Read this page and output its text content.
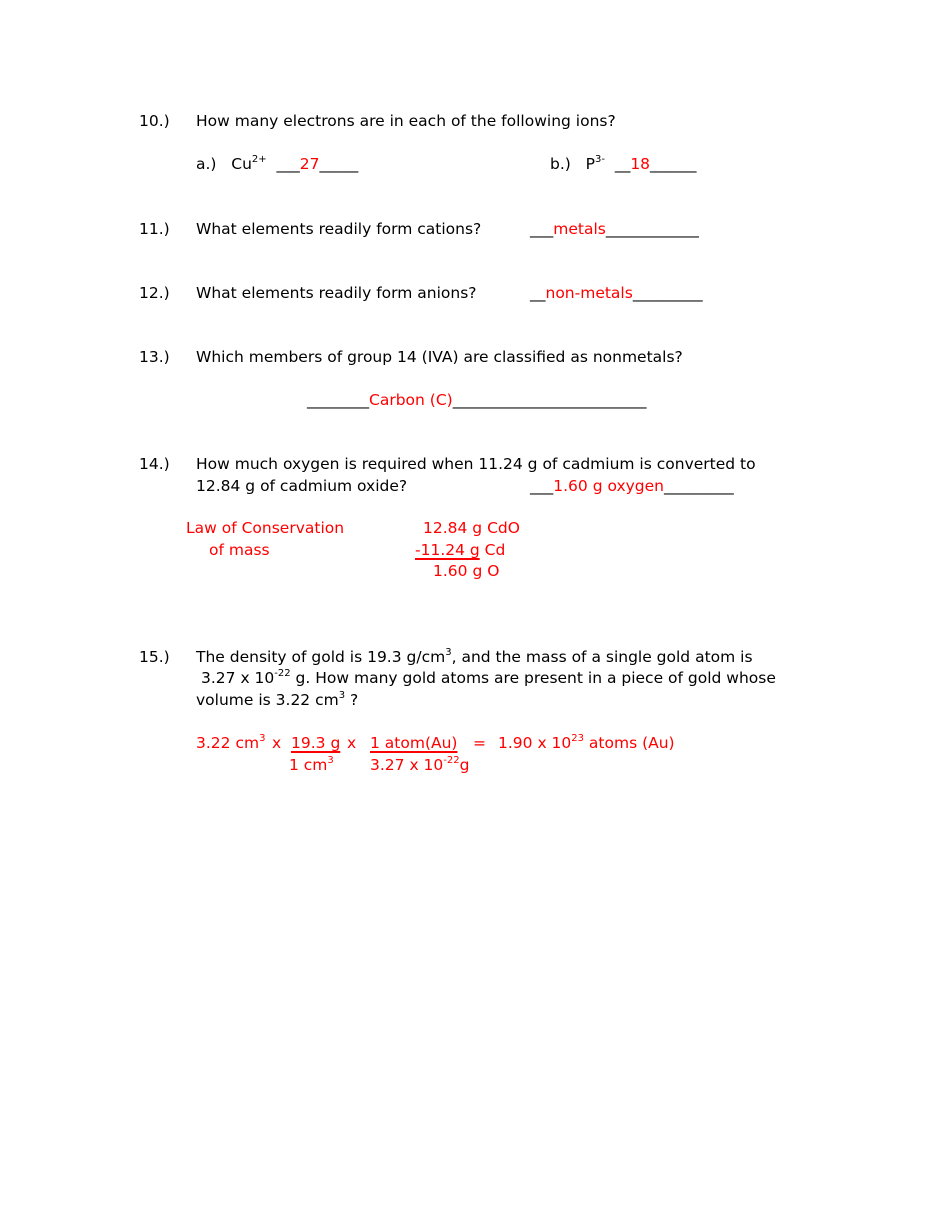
10.) How many electrons are in each of the following ions?
a.) $Cu^{2+}$ ___27_____	b.) $P^{3-}$ __18______
11.) What elements readily form cations?	___metals____________
12.) What elements readily form anions?	__non-metals_________
13.) Which members of group 14 (IVA) are classified as nonmetals?
________Carbon (C)_________________________
14.) How much oxygen is required when 11.24 g of cadmium is converted to
12.84 g of cadmium oxide?	___1.60 g oxygen_________
Law of Conservation
of mass
12.84 g CdO
-11.24 g Cd
1.60 g O
15.) The density of gold is 19.3 $g/cm^3$, and the mass of a single gold atom is
3.27 x $10^{-22}$ g. How many gold atoms are present in a piece of gold whose
volume is 3.22 $cm^3$ ?
3.22 $cm^3$ x 19.3 g
1 $cm^3$
x 1 atom(Au)
3.27 x $10^{-22}g$
= 1.90 x $10^{23}$ atoms (Au)
